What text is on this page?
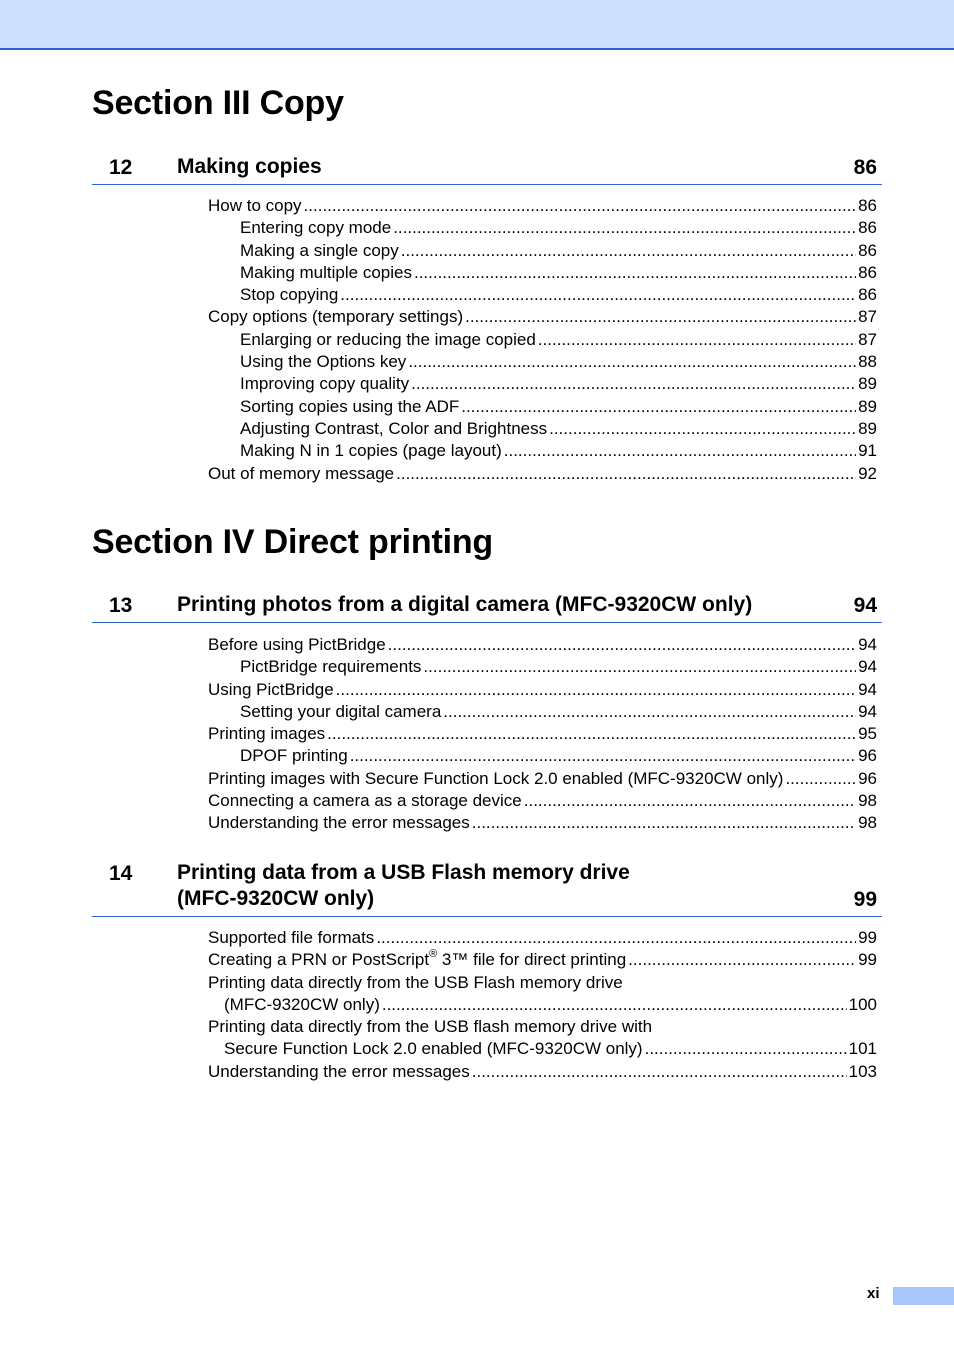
Section III Copy
12 Making copies	86
How to copy .....	86
Entering copy mode .....	86
Making a single copy .....	86
Making multiple copies .....	86
Stop copying .....	86
Copy options (temporary settings) .....	87
Enlarging or reducing the image copied .....	87
Using the Options key .....	88
Improving copy quality .....	89
Sorting copies using the ADF .....	89
Adjusting Contrast, Color and Brightness .....	89
Making N in 1 copies (page layout) .....	91
Out of memory message .....	92
Section IV Direct printing
13 Printing photos from a digital camera (MFC-9320CW only)	94
Before using PictBridge .....	94
PictBridge requirements .....	94
Using PictBridge .....	94
Setting your digital camera .....	94
Printing images .....	95
DPOF printing .....	96
Printing images with Secure Function Lock 2.0 enabled (MFC-9320CW only) .....	96
Connecting a camera as a storage device .....	98
Understanding the error messages .....	98
14 Printing data from a USB Flash memory drive
(MFC-9320CW only)	99
Supported file formats .....	99
Creating a PRN or PostScript® 3™ file for direct printing .....	99
Printing data directly from the USB Flash memory drive
(MFC-9320CW only) .....	100
Printing data directly from the USB flash memory drive with
Secure Function Lock 2.0 enabled (MFC-9320CW only) .....	101
Understanding the error messages .....	103
xi
